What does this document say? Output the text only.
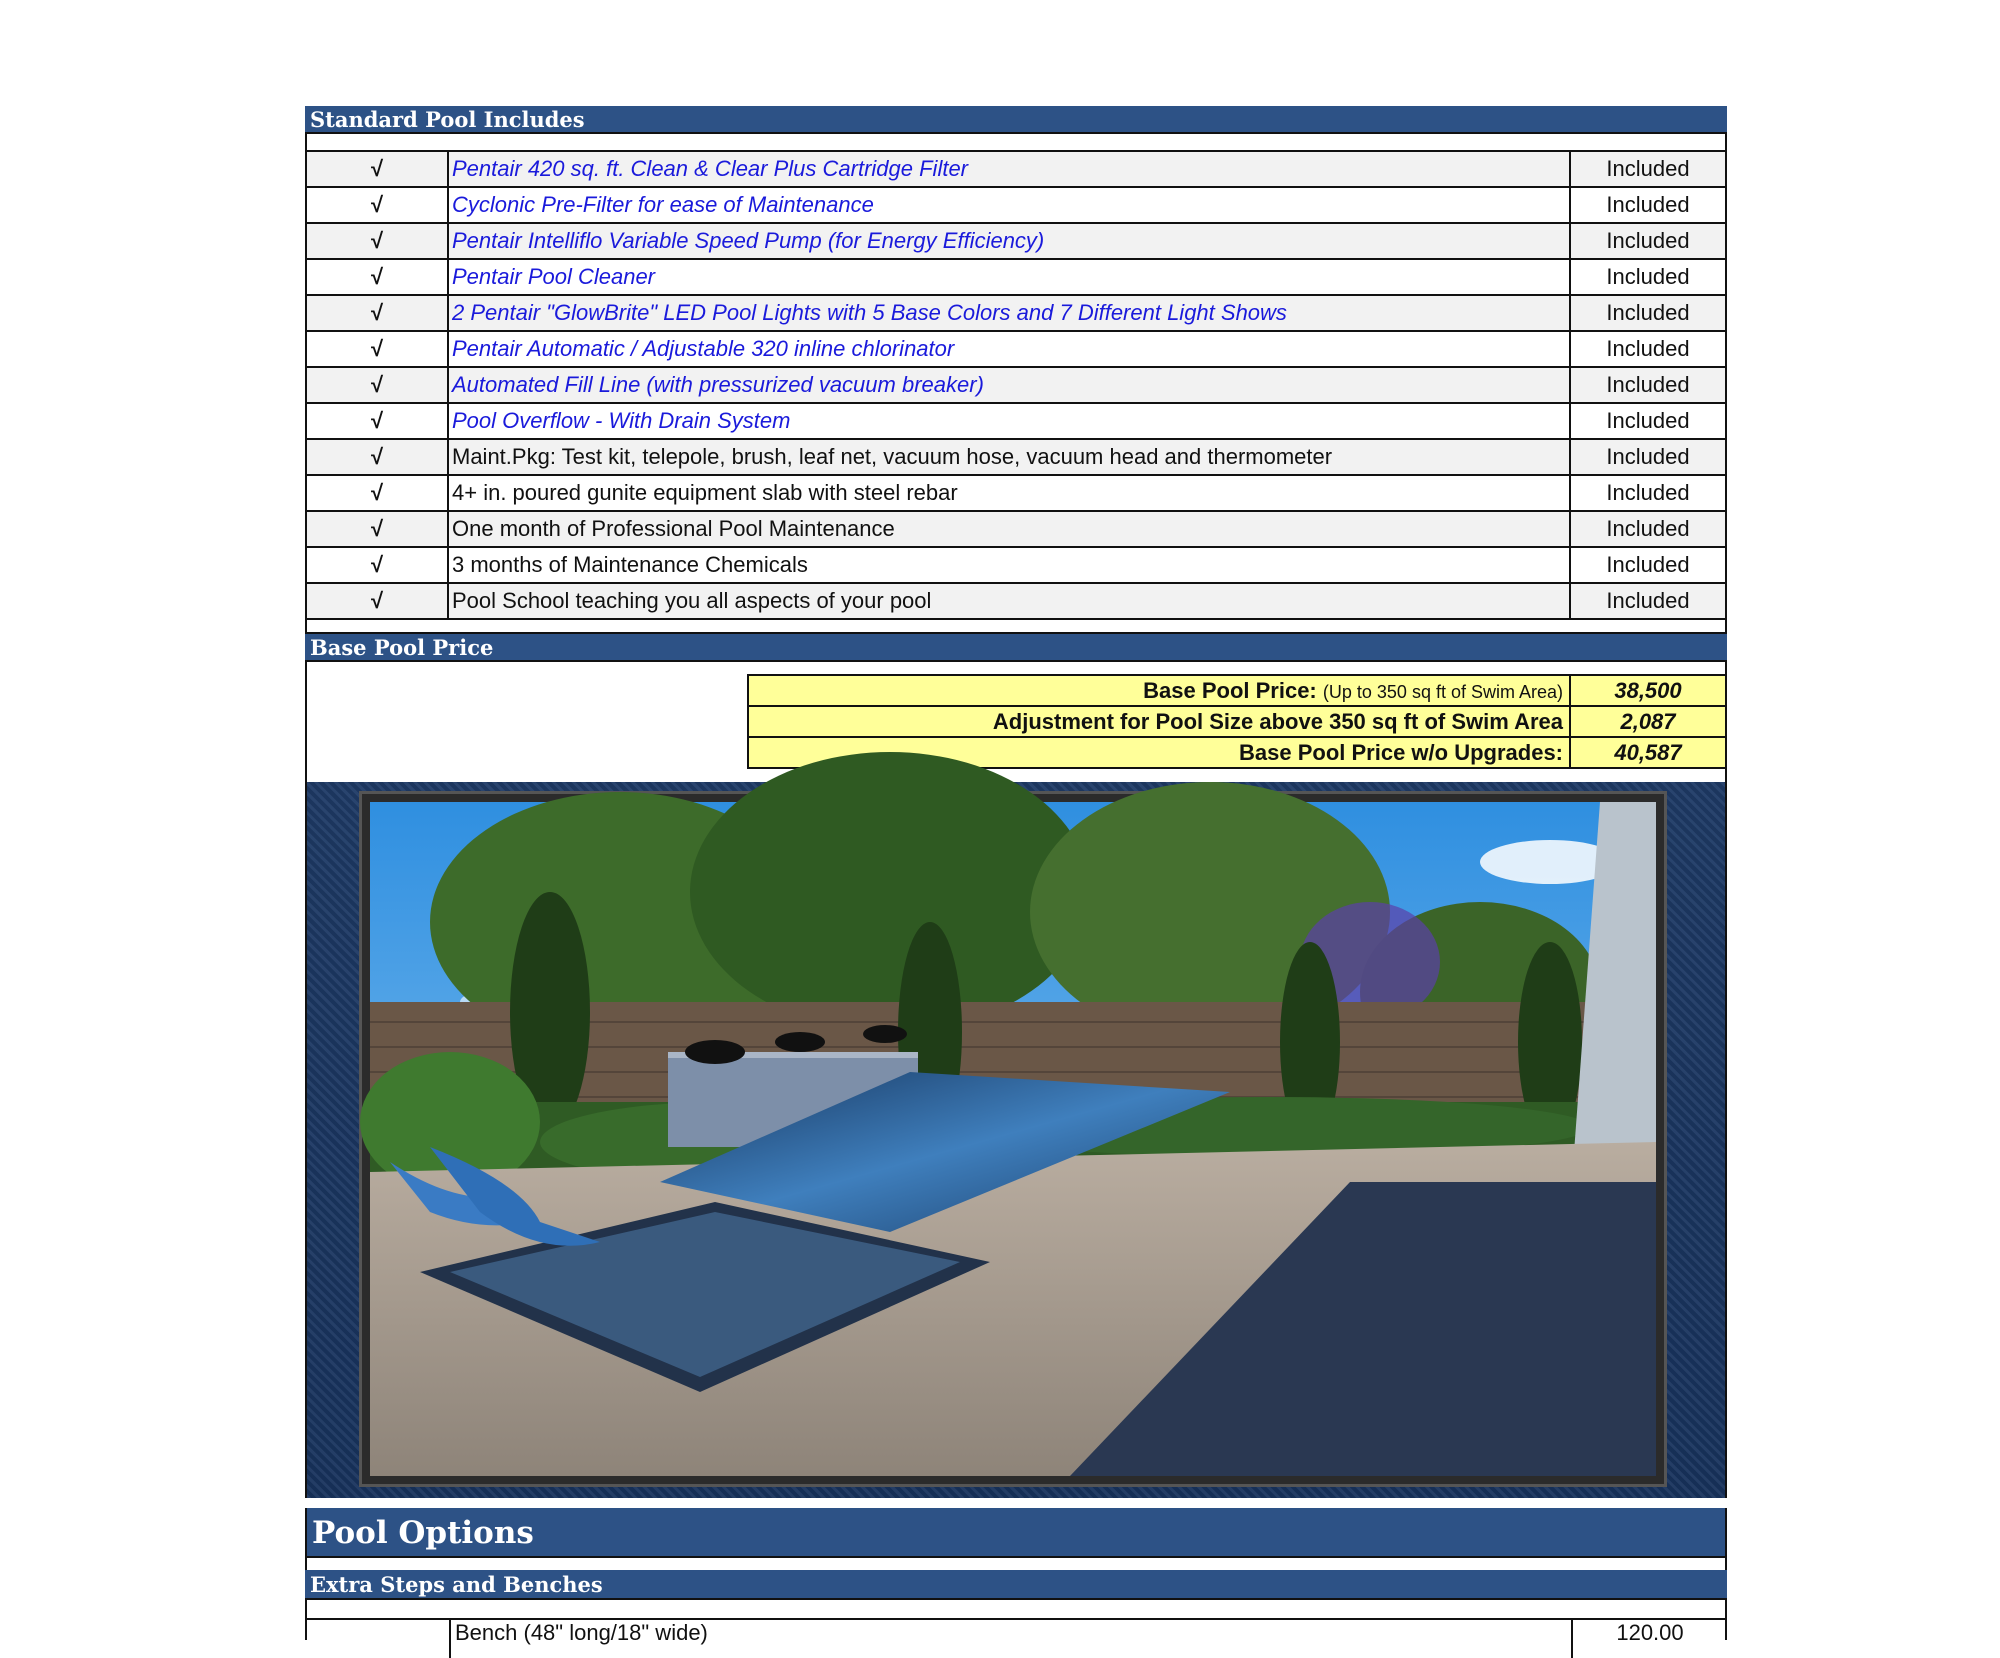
Standard Pool Includes
√	Pentair 420 sq. ft. Clean & Clear Plus Cartridge Filter	Included
√	Cyclonic Pre-Filter for ease of Maintenance	Included
√	Pentair Intelliflo Variable Speed Pump (for Energy Efficiency)	Included
√	Pentair Pool Cleaner	Included
√	2 Pentair "GlowBrite" LED Pool Lights with 5 Base Colors and 7 Different Light Shows	Included
√	Pentair Automatic / Adjustable 320 inline chlorinator	Included
√	Automated Fill Line (with pressurized vacuum breaker)	Included
√	Pool Overflow - With Drain System	Included
√	Maint.Pkg: Test kit, telepole, brush, leaf net, vacuum hose, vacuum head and thermometer	Included
√	4+ in. poured gunite equipment slab with steel rebar	Included
√	One month of Professional Pool Maintenance	Included
√	3 months of Maintenance Chemicals	Included
√	Pool School teaching you all aspects of your pool	Included
Base Pool Price
Base Pool Price: (Up to 350 sq ft of Swim Area)	38,500
Adjustment for Pool Size above 350 sq ft of Swim Area	2,087
Base Pool Price w/o Upgrades:	40,587
Pool Options
Extra Steps and Benches
Bench (48" long/18" wide)	120.00
